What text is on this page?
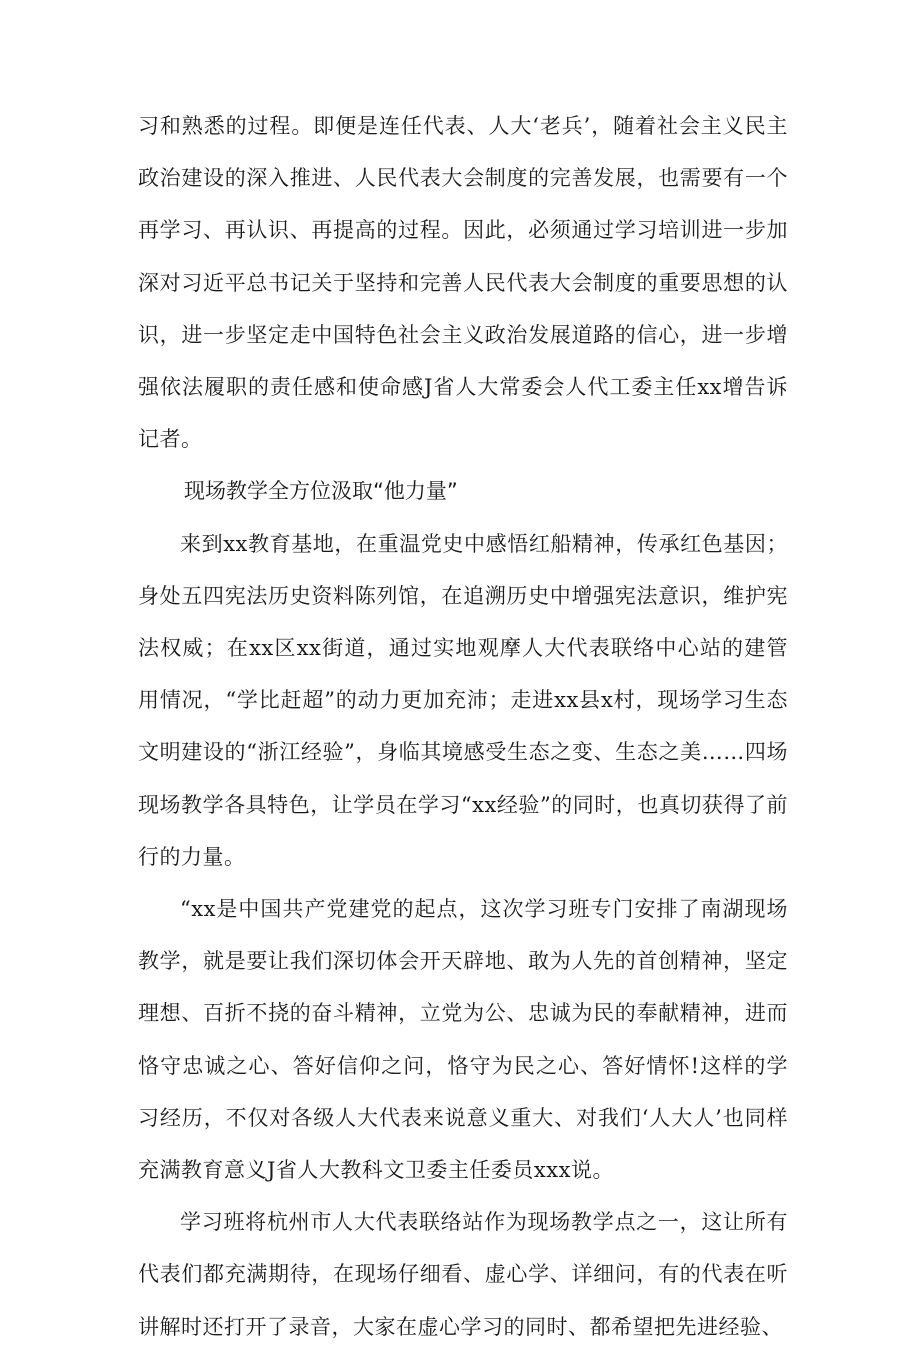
习和熟悉的过程。即便是连任代表、人大‘老兵’，随着社会主义民主政治建设的深入推进、人民代表大会制度的完善发展，也需要有一个再学习、再认识、再提高的过程。因此，必须通过学习培训进一步加深对习近平总书记关于坚持和完善人民代表大会制度的重要思想的认识，进一步坚定走中国特色社会主义政治发展道路的信心，进一步增强依法履职的责任感和使命感J省人大常委会人代工委主任xx增告诉记者。

现场教学全方位汲取“他力量”

来到xx教育基地，在重温党史中感悟红船精神，传承红色基因；身处五四宪法历史资料陈列馆，在追溯历史中增强宪法意识，维护宪法权威；在xx区xx街道，通过实地观摩人大代表联络中心站的建管用情况，“学比赶超”的动力更加充沛；走进xx县x村，现场学习生态文明建设的“浙江经验”，身临其境感受生态之变、生态之美……四场现场教学各具特色，让学员在学习“xx经验”的同时，也真切获得了前行的力量。

“xx是中国共产党建党的起点，这次学习班专门安排了南湖现场教学，就是要让我们深切体会开天辟地、敢为人先的首创精神，坚定理想、百折不挠的奋斗精神，立党为公、忠诚为民的奉献精神，进而恪守忠诚之心、答好信仰之问，恪守为民之心、答好情怀!这样的学习经历，不仅对各级人大代表来说意义重大、对我们‘人大人’也同样充满教育意义J省人大教科文卫委主任委员xxx说。

学习班将杭州市人大代表联络站作为现场教学点之一，这让所有代表们都充满期待，在现场仔细看、虚心学、详细问，有的代表在听讲解时还打开了录音，大家在虚心学习的同时、都希望把先进经验、
